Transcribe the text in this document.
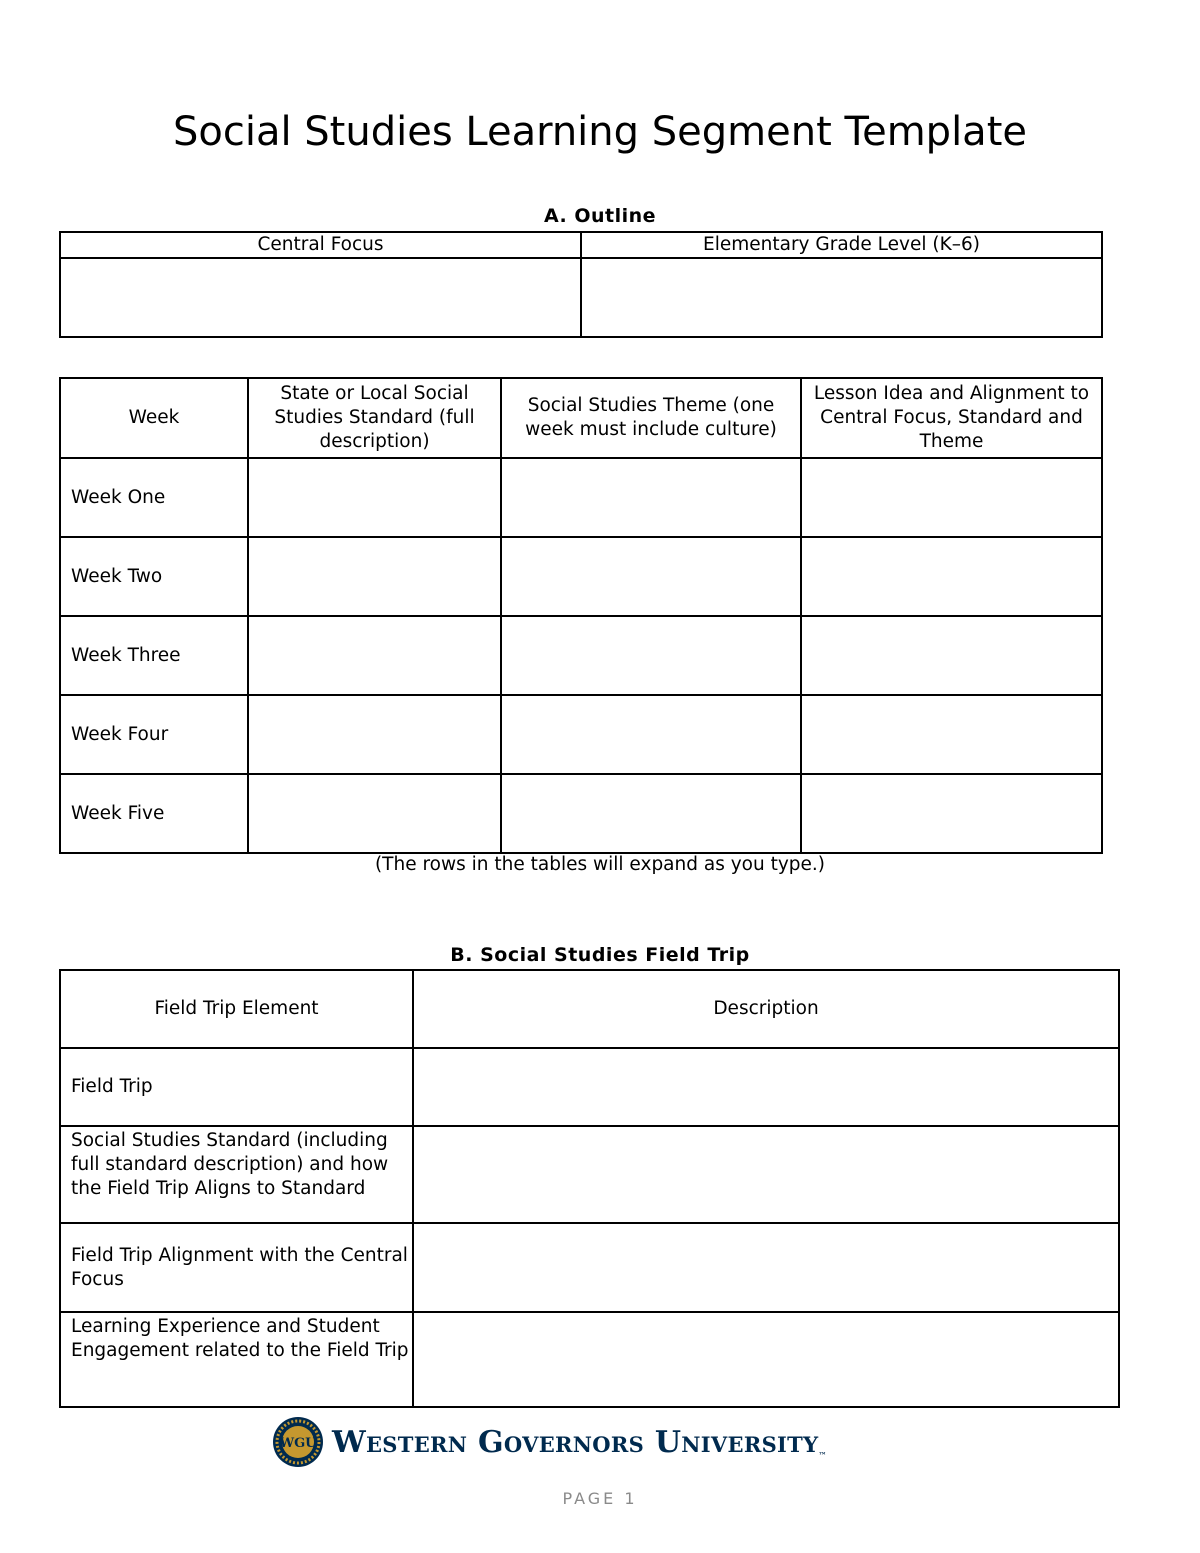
Social Studies Learning Segment Template
A. Outline
Central Focus	Elementary Grade Level (K–6)

Week	State or Local Social Studies Standard (full description)	Social Studies Theme (one week must include culture)	Lesson Idea and Alignment to Central Focus, Standard and Theme
Week One			
Week Two			
Week Three			
Week Four			
Week Five			
(The rows in the tables will expand as you type.)
B. Social Studies Field Trip
Field Trip Element	Description
Field Trip	
Social Studies Standard (including full standard description) and how the Field Trip Aligns to Standard	
Field Trip Alignment with the Central Focus	
Learning Experience and Student Engagement related to the Field Trip	
WGU Western Governors University™
PAGE 1
